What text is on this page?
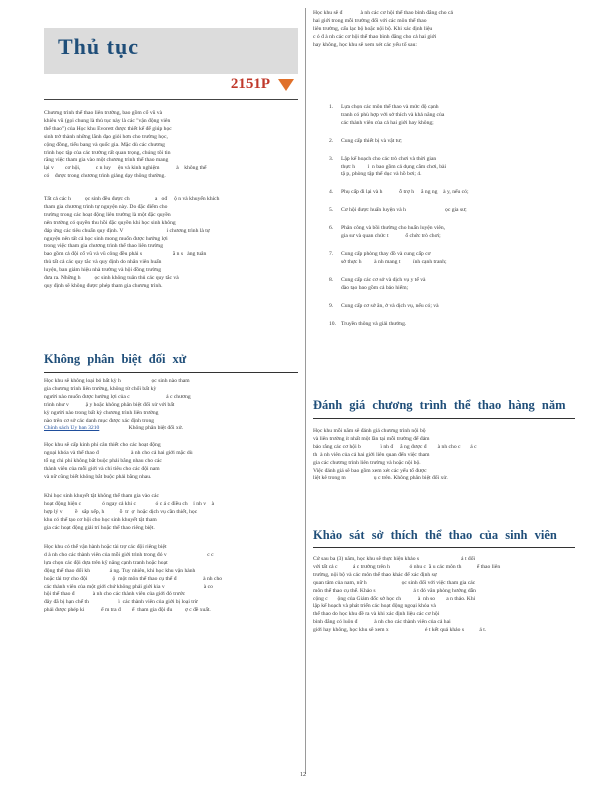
Thủ tục
2151P
Chương trình thể thao liên trường, bao gồm cổ vũ và
khiêu vũ (gọi chung là thủ tục này là các "vận động viên
thể thao") của Học khu Evorett được thiết kế để giúp học
sinh trở thành những lãnh đạo giỏi hơn cho trường học,
cộng đồng, tiểu bang và quốc gia. Mặc dù các chương
trình học tập của các trường rất quan trọng, chúng tôi tin
rằng việc tham gia vào một chương trình thể thao mang
lại v        cơ hội,           c n luy     ện và kinh nghiệm            à    không thể
có    được trong chương trình giảng dạy thông thường.
Tất cả các h          ọc sinh đều được ch                  a   ođ     ộ n và khuyến khích
tham gia chương trình tự nguyện này. Do đặc điểm cho
trường trong các hoạt động liên trường là một đặc quyền
nên trường có quyền thu hồi đặc quyền khi học sinh không
đáp ứng các tiêu chuẩn quy định. V                               i chương trình là tự
nguyện nên tất cả học sinh mong muốn được hưởng lợi
trong việc tham gia chương trình thể thao liên trường
bao gồm cả đội cổ vũ và vũ công đều phải s                      ẵ n s   àng tuân
thủ tất cả các quy tắc và quy định do nhân viên huấn
luyện, ban giám hiệu nhà trường và hội đồng trường
đưa ra. Những h          ọc sinh không tuân thủ các quy tắc và
quy định sẽ không được phép tham gia chương trình.
Không phân biệt đối xử
Học khu sẽ không loại bỏ bất kỳ h                      ọc sinh nào tham
gia chương trình liên trường, không từ chối bất kỳ
người nào muốn được hưởng lợi của c                          á c chương
trình như v            ậ y hoặc không phân biệt đối xử với bất
kỳ người nào trong bất kỳ chương trình liên trường
nào trên cơ sở các danh mục được xác định trong
Chính sách Ủy ban 3210                     Không phân biệt đối xử.
Học khu sẽ cấp kinh phí cân thiết cho các hoạt động
ngoại khóa và thể thao đ                       à nh cho cả hai giới mặc dù
tổ ng chi phí không bắt buộc phải bằng nhau cho các
thành viên của mỗi giới và chi tiêu cho các đội nam
và nữ cũng biết không bắt buộc phải bằng nhau.
Khi học sinh khuyết tật không thể tham gia vào các
hoạt động hiện c               ó ngay cả khi c              ó c á c điều ch    ỉ nh v    à
hợp lý v         ề   sắp xếp, h           ỗ  tr  ợ  hoặc dịch vụ cần thiết, học
khu có thể tạo cơ hội cho học sinh khuyết tật tham
gia các hoạt động giải trí hoặc thể thao riêng biệt.
Học khu có thể vận hành hoặc tài trợ các đội riêng biệt
d à nh cho các thành viên của mỗi giới trình trong đó v                             c c
lựa chọn các đội dựa trên kỹ năng cạnh tranh hoặc hoạt
động thể thao đối kh              á ng. Tuy nhiên, khi học khu vận hành
hoặc tài trợ cho đội                  ộ  một môn thể thao cụ thể đ                   à nh cho
các thành viên của một giới chứ không phải giới kia v                            à co
hội thể thao đ             à nh cho các thành viên của giới đó trước
đây đã bị hạn chế th                     ì  các thành viên của giới bị loại trừ
phải được phép ki            ể m tra đ        ể  tham gia đội đu         ợ c đề xuất.
Học khu sẽ đ             à nh các cơ hội thể thao bình đẳng cho cả
hai giới trong mỗi trường đối với các môn thể thao
liên trường, cấu lạc bộ hoặc nội bộ. Khi xác định liệu
c ó đ à nh các cơ hội thể thao bình đẳng cho cả hai giới
hay không, học khu sẽ xem xét các yếu tố sau:
1. Lựa chọn các môn thể thao và mức độ cạnh
tranh có phù hợp với sở thích và khả năng của
các thành viên của cả hai giới hay không;
2. Cung cấp thiết bị và vật tư;
3. Lập kế hoạch cho các trò chơi và thời gian
thực h         ỉ  n bao gồm cả dụng cắm chơi, bài
tậ p, phòng tập thể dục và hồ bơi; 4.
4. Phụ cấp đi lại và h            ỗ trợ h     ằ ng ng    à y, nếu có;
5. Cơ hội được huấn luyện và h                            ọc gia sư;
6. Phân công và bồi thường cho huấn luyện viên,
gia sư và quan chức t            ổ chức trò chơi;
7. Cung cấp phòng thay đồ và cung cấp cơ
sở thực h         à nh mang t         ính cạnh tranh;
8. Cung cấp các cơ sở và dịch vụ y tế và
đào tạo bao gồm cả bảo hiểm;
9. Cung cấp cơ sở ăn, ở và dịch vụ, nếu có; và
10. Truyền thông và giải thưởng.
Đánh giá chương trình thể thao hàng năm
Học khu mỗi năm sẽ đánh giá chương trình nội bộ
và liên trường ít nhất một lần tại mỗi trường để đảm
bảo rằng các cơ hội b              ì nh đ     ẳ ng được đ        à nh cho c       á c
th  à nh viên của cả hai giới liên quan đến việc tham
gia các chương trình liên trường và hoặc nội bộ.
Việc đánh giá sẽ bao gồm xem xét các yếu tố được
liệt kê trong m                    ụ c trên. Không phân biệt đối xử.
Khảo sát sở thích thể thao của sinh viên
Cứ sau ba (3) năm, học khu sẽ thực hiện khảo s                              á t đối
với tất cả c           á c trường trên h              ỏ nhu c  ầ u các môn th           ể thao liên
trường, nội bộ và các môn thể thao khác để xác định sự
quan tâm của nam, nữ h                         ọc sinh đối với việc tham gia các
môn thể thao cụ thể. Khảo s                           á t đó văn phòng hướng dẫn
cộng c       ộng của Giám đốc sở học ch            à  nh so        a n thảo. Khi
lập kế hoạch và phát triển các hoạt động ngoại khóa và
thể thao do học khu đề ra và khi xác định liệu các cơ hội
bình đẳng có luôn đ            à nh cho các thành viên của cả hai
giới hay không, học khu sẽ xem x                          é t kết quả khảo s           á t.
12
